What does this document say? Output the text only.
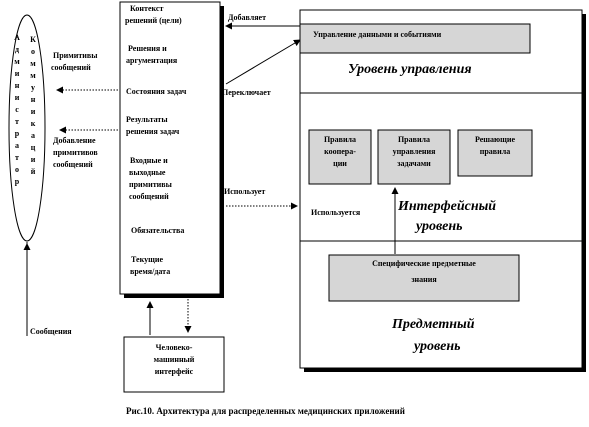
А
д
м
и
н
и
с
т
р
а
т
о
р
К
о
м
м
у
н
и
к
а
ц
и
й
Примитивы
сообщений
Добавление
примитивов
сообщений
Сообщения
Контекст
решений (цели)
Решения и
аргументация
Состояния задач
Результаты
решения задач
Входные и
выходные
примитивы
сообщений
Обязательства
Текущие
время/дата
Человеко-
машинный
интерфейс
Добавляет
Переключает
Использует
Управление данными и событиями
Уровень управления
Правила
коопера-
ции
Правила
управления
задачами
Решающие
правила
Используется	Интерфейсный
уровень
Специфические предметные
знания
Предметный
уровень
Рис.10. Архитектура для распределенных медицинских приложений
